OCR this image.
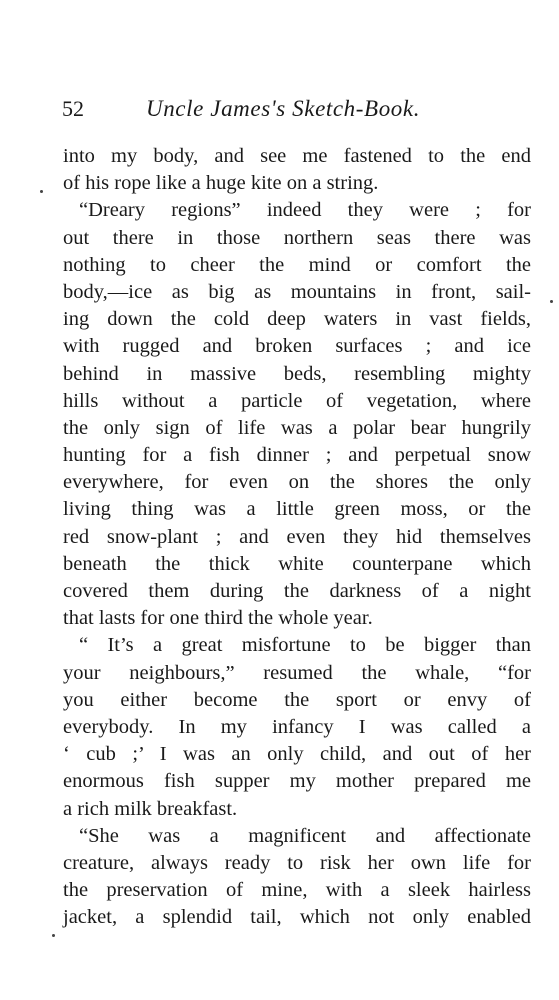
52	Uncle James's Sketch-Book.
into my body, and see me fastened to the end
of his rope like a huge kite on a string.
“Dreary regions” indeed they were ; for
out there in those northern seas there was
nothing to cheer the mind or comfort the
body,—ice as big as mountains in front, sail-
ing down the cold deep waters in vast fields,
with rugged and broken surfaces ; and ice
behind in massive beds, resembling mighty
hills without a particle of vegetation, where
the only sign of life was a polar bear hungrily
hunting for a fish dinner ; and perpetual snow
everywhere, for even on the shores the only
living thing was a little green moss, or the
red snow-plant ; and even they hid themselves
beneath the thick white counterpane which
covered them during the darkness of a night
that lasts for one third the whole year.
“ It’s a great misfortune to be bigger than
your neighbours,” resumed the whale, “for
you either become the sport or envy of
everybody. In my infancy I was called a
‘ cub ;’ I was an only child, and out of her
enormous fish supper my mother prepared me
a rich milk breakfast.
“She was a magnificent and affectionate
creature, always ready to risk her own life for
the preservation of mine, with a sleek hairless
jacket, a splendid tail, which not only enabled
